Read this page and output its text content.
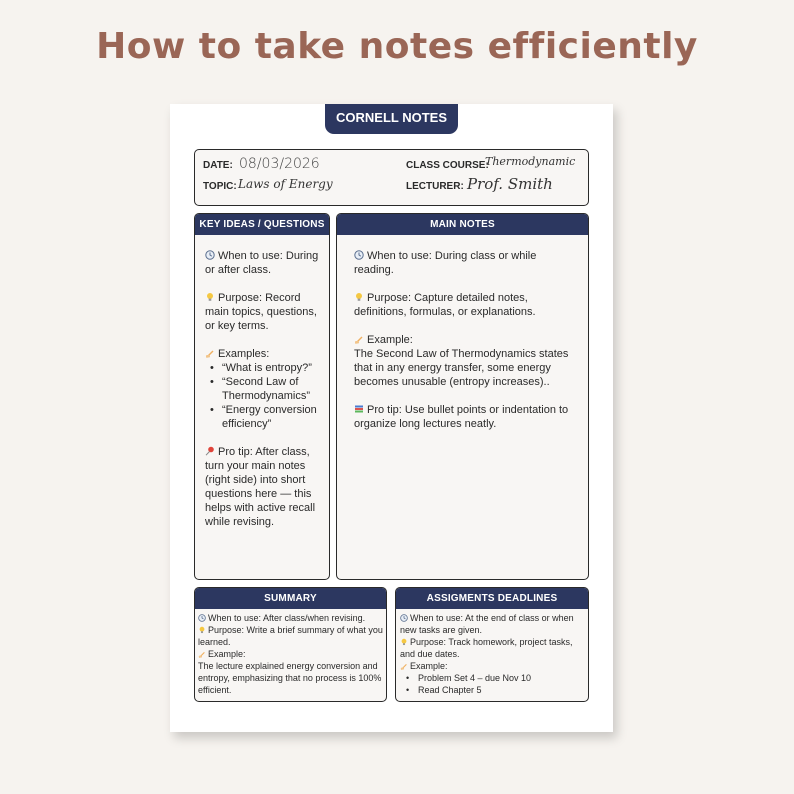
How to take notes efficiently
CORNELL NOTES
DATE: 08/03/2026
TOPIC: Laws of Energy
CLASS COURSE:
Thermodynamic
LECTURER: Prof. Smith
KEY IDEAS / QUESTIONS

When to use: During or after class.

Purpose: Record main topics, questions, or key terms.

Examples:
• “What is entropy?”
• “Second Law of Thermodynamics”
• “Energy conversion efficiency”

Pro tip: After class, turn your main notes (right side) into short questions here — this helps with active recall while revising.

MAIN NOTES

When to use: During class or while reading.

Purpose: Capture detailed notes, definitions, formulas, or explanations.

Example:

The Second Law of Thermodynamics states that in any energy transfer, some energy becomes unusable (entropy increases)..

Pro tip: Use bullet points or indentation to organize long lectures neatly.

SUMMARY
When to use: After class/when revising.
Purpose: Write a brief summary of what you learned.
Example:
The lecture explained energy conversion and entropy, emphasizing that no process is 100% efficient.
ASSIGMENTS DEADLINES
When to use: At the end of class or when new tasks are given.
Purpose: Track homework, project tasks, and due dates.
Example:
• Problem Set 4 – due Nov 10
• Read Chapter 5
